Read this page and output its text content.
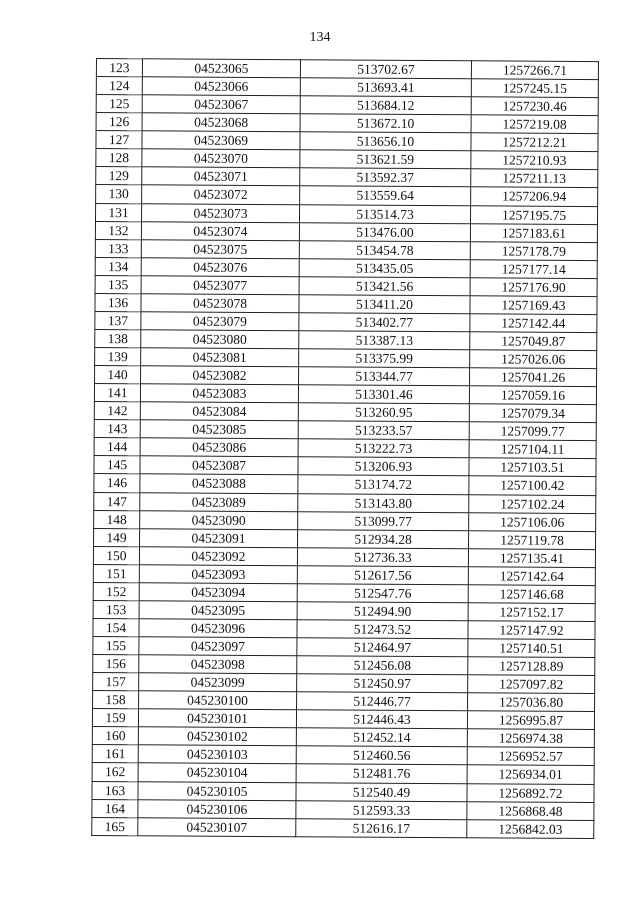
134
123	04523065	513702.67	1257266.71
124	04523066	513693.41	1257245.15
125	04523067	513684.12	1257230.46
126	04523068	513672.10	1257219.08
127	04523069	513656.10	1257212.21
128	04523070	513621.59	1257210.93
129	04523071	513592.37	1257211.13
130	04523072	513559.64	1257206.94
131	04523073	513514.73	1257195.75
132	04523074	513476.00	1257183.61
133	04523075	513454.78	1257178.79
134	04523076	513435.05	1257177.14
135	04523077	513421.56	1257176.90
136	04523078	513411.20	1257169.43
137	04523079	513402.77	1257142.44
138	04523080	513387.13	1257049.87
139	04523081	513375.99	1257026.06
140	04523082	513344.77	1257041.26
141	04523083	513301.46	1257059.16
142	04523084	513260.95	1257079.34
143	04523085	513233.57	1257099.77
144	04523086	513222.73	1257104.11
145	04523087	513206.93	1257103.51
146	04523088	513174.72	1257100.42
147	04523089	513143.80	1257102.24
148	04523090	513099.77	1257106.06
149	04523091	512934.28	1257119.78
150	04523092	512736.33	1257135.41
151	04523093	512617.56	1257142.64
152	04523094	512547.76	1257146.68
153	04523095	512494.90	1257152.17
154	04523096	512473.52	1257147.92
155	04523097	512464.97	1257140.51
156	04523098	512456.08	1257128.89
157	04523099	512450.97	1257097.82
158	045230100	512446.77	1257036.80
159	045230101	512446.43	1256995.87
160	045230102	512452.14	1256974.38
161	045230103	512460.56	1256952.57
162	045230104	512481.76	1256934.01
163	045230105	512540.49	1256892.72
164	045230106	512593.33	1256868.48
165	045230107	512616.17	1256842.03
